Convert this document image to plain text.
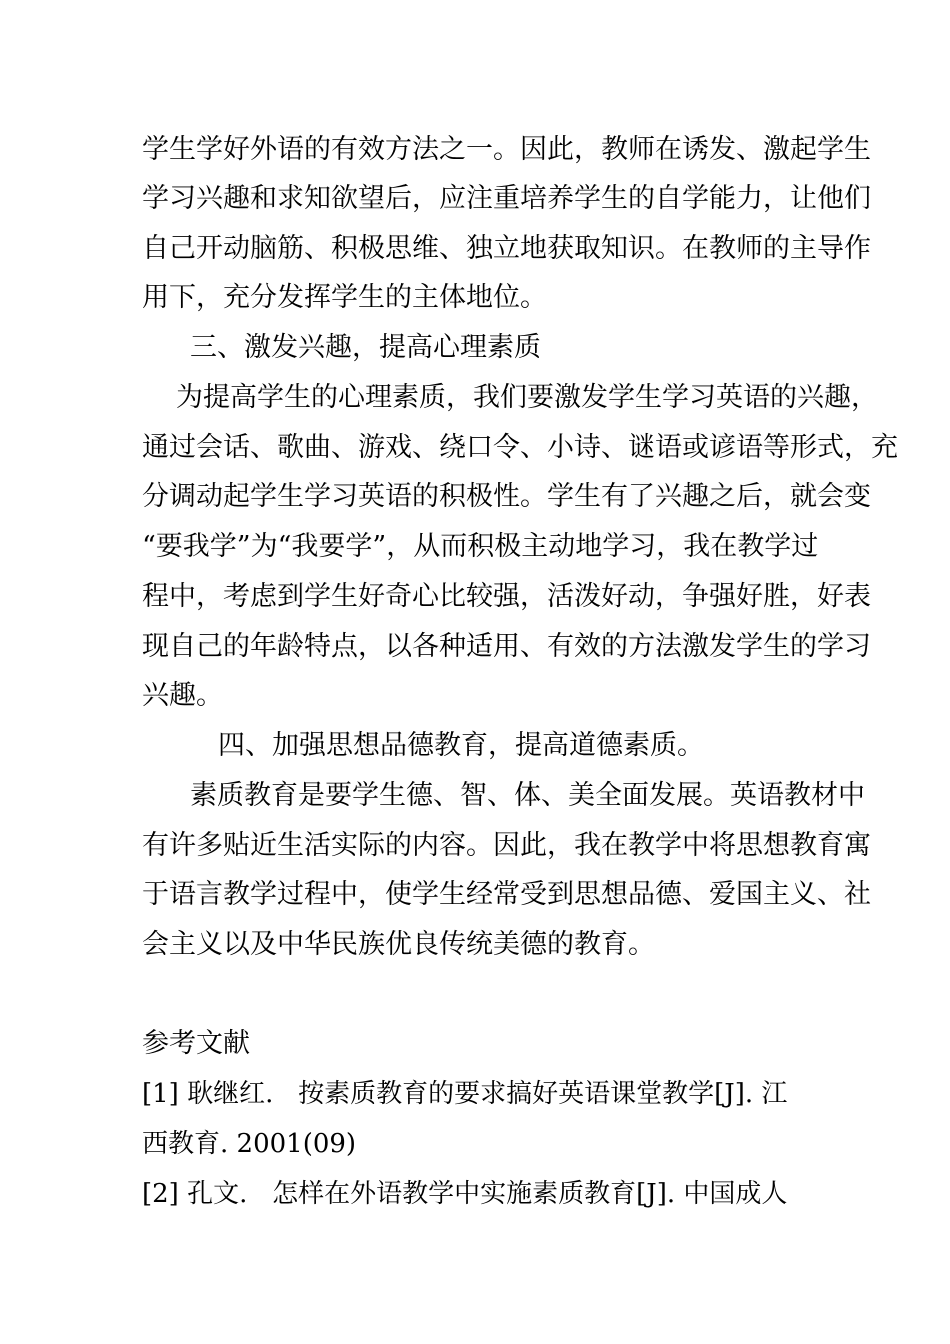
学生学好外语的有效方法之一。因此，教师在诱发、激起学生
学习兴趣和求知欲望后，应注重培养学生的自学能力，让他们
自己开动脑筋、积极思维、独立地获取知识。在教师的主导作
用下，充分发挥学生的主体地位。
三、激发兴趣，提高心理素质
为提高学生的心理素质，我们要激发学生学习英语的兴趣，
通过会话、歌曲、游戏、绕口令、小诗、谜语或谚语等形式，充
分调动起学生学习英语的积极性。学生有了兴趣之后，就会变
“要我学”为“我要学”，从而积极主动地学习，我在教学过
程中，考虑到学生好奇心比较强，活泼好动，争强好胜，好表
现自己的年龄特点，以各种适用、有效的方法激发学生的学习
兴趣。
四、加强思想品德教育，提高道德素质。
素质教育是要学生德、智、体、美全面发展。英语教材中
有许多贴近生活实际的内容。因此，我在教学中将思想教育寓
于语言教学过程中，使学生经常受到思想品德、爱国主义、社
会主义以及中华民族优良传统美德的教育。
参考文献
[1] 耿继红.   按素质教育的要求搞好英语课堂教学[J]. 江
西教育. 2001(09)
[2] 孔文.   怎样在外语教学中实施素质教育[J]. 中国成人
